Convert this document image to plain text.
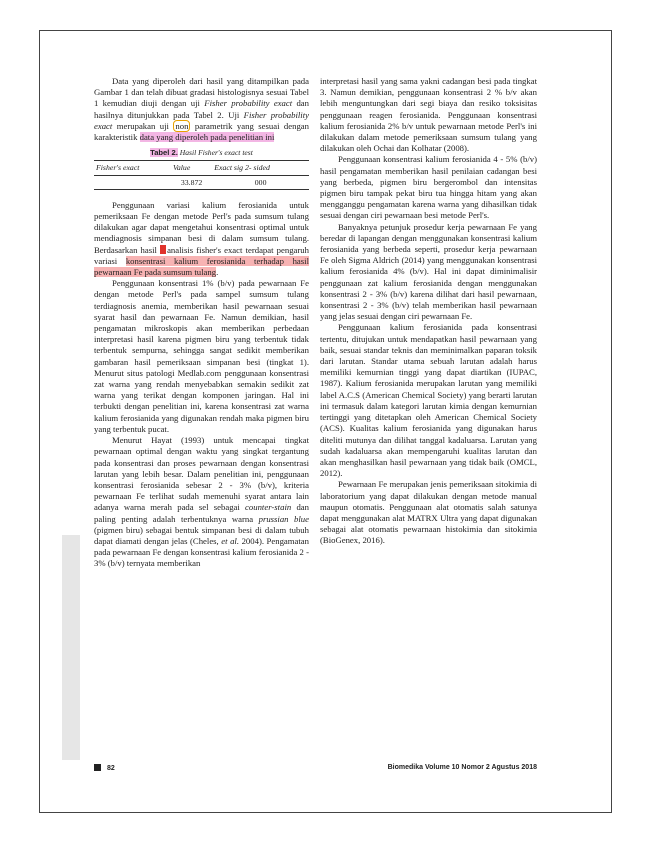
Data yang diperoleh dari hasil yang ditampilkan pada Gambar 1 dan telah dibuat gradasi histologisnya sesuai Tabel 1 kemudian diuji dengan uji Fisher probability exact dan hasilnya ditunjukkan pada Tabel 2. Uji Fisher probability exact merupakan uji non parametrik yang sesuai dengan karakteristik data yang diperoleh pada penelitian ini

Tabel 2. Hasil Fisher's exact test
Fisher's exact	Value	Exact sig 2- sided
	33.872	000

Penggunaan variasi kalium ferosianida untuk pemeriksaan Fe dengan metode Perl's pada sumsum tulang dilakukan agar dapat mengetahui konsentrasi optimal untuk mendiagnosis simpanan besi di dalam sumsum tulang. Berdasarkan hasil analisis fisher's exact terdapat pengaruh variasi konsentrasi kalium ferosianida terhadap hasil pewarnaan Fe pada sumsum tulang.

Penggunaan konsentrasi 1% (b/v) pada pewarnaan Fe dengan metode Perl's pada sampel sumsum tulang terdiagnosis anemia, memberikan hasil pewarnaan sesuai syarat hasil dan pewarnaan Fe. Namun demikian, hasil pengamatan mikroskopis akan memberikan perbedaan interpretasi hasil karena pigmen biru yang terbentuk tidak terbentuk sempurna, sehingga sangat sedikit memberikan gambaran hasil pemeriksaan simpanan besi (tingkat 1). Menurut situs patologi Medlab.com penggunaan konsentrasi zat warna yang rendah menyebabkan semakin sedikit zat warna yang terikat dengan komponen jaringan. Hal ini terbukti dengan penelitian ini, karena konsentrasi zat warna kalium ferosianida yang digunakan rendah maka pigmen biru yang terbentuk pucat.

Menurut Hayat (1993) untuk mencapai tingkat pewarnaan optimal dengan waktu yang singkat tergantung pada konsentrasi dan proses pewarnaan dengan konsentrasi larutan yang lebih besar. Dalam penelitian ini, penggunaan konsentrasi ferosianida sebesar 2 - 3% (b/v), kriteria pewarnaan Fe terlihat sudah memenuhi syarat antara lain adanya warna merah pada sel sebagai counter-stain dan paling penting adalah terbentuknya warna prussian blue (pigmen biru) sebagai bentuk simpanan besi di dalam tubuh dapat diamati dengan jelas (Cheles, et al. 2004). Pengamatan pada pewarnaan Fe dengan konsentrasi kalium ferosianida 2 - 3% (b/v) ternyata memberikan

interpretasi hasil yang sama yakni cadangan besi pada tingkat 3. Namun demikian, penggunaan konsentrasi 2 % b/v akan lebih menguntungkan dari segi biaya dan resiko toksisitas penggunaan reagen ferosianida. Penggunaan konsentrasi kalium ferosianida 2% b/v untuk pewarnaan metode Perl's ini dilakukan dalam metode pemeriksaan sumsum tulang yang dilakukan oleh Ochai dan Kolhatar (2008).

Penggunaan konsentrasi kalium ferosianida 4 - 5% (b/v) hasil pengamatan memberikan hasil penilaian cadangan besi yang berbeda, pigmen biru bergerombol dan intensitas pigmen biru tampak pekat biru tua hingga hitam yang akan mengganggu pengamatan karena warna yang dihasilkan tidak sesuai dengan ciri pewarnaan besi metode Perl's.

Banyaknya petunjuk prosedur kerja pewarnaan Fe yang beredar di lapangan dengan menggunakan konsentrasi kalium ferosianida yang berbeda seperti, prosedur kerja pewarnaan Fe oleh Sigma Aldrich (2014) yang menggunakan konsentrasi kalium ferosianida 4% (b/v). Hal ini dapat diminimalisir penggunaan zat kalium ferosianida dengan menggunakan konsentrasi 2 - 3% (b/v) karena dilihat dari hasil pewarnaan, konsentrasi 2 - 3% (b/v) telah memberikan hasil pewarnaan yang jelas sesuai dengan ciri pewarnaan Fe.

Penggunaan kalium ferosianida pada konsentrasi tertentu, ditujukan untuk mendapatkan hasil pewarnaan yang baik, sesuai standar teknis dan meminimalkan paparan toksik dari larutan. Standar utama sebuah larutan adalah harus memiliki kemurnian tinggi yang dapat diartikan (IUPAC, 1987). Kalium ferosianida merupakan larutan yang memiliki label A.C.S (American Chemical Society) yang berarti larutan ini termasuk dalam kategori larutan kimia dengan kemurnian tertinggi yang ditetapkan oleh American Chemical Society (ACS). Kualitas kalium ferosianida yang digunakan harus diteliti mutunya dan dilihat tanggal kadaluarsa. Larutan yang sudah kadaluarsa akan mempengaruhi kualitas larutan dan akan menghasilkan hasil pewarnaan yang tidak baik (OMCL, 2012).

Pewarnaan Fe merupakan jenis pemeriksaan sitokimia di laboratorium yang dapat dilakukan dengan metode manual maupun otomatis. Penggunaan alat otomatis salah satunya dapat menggunakan alat MATRX Ultra yang dapat digunakan sebagai alat otomatis pewarnaan histokimia dan sitokimia (BioGenex, 2016).

82	Biomedika Volume 10 Nomor 2 Agustus 2018
